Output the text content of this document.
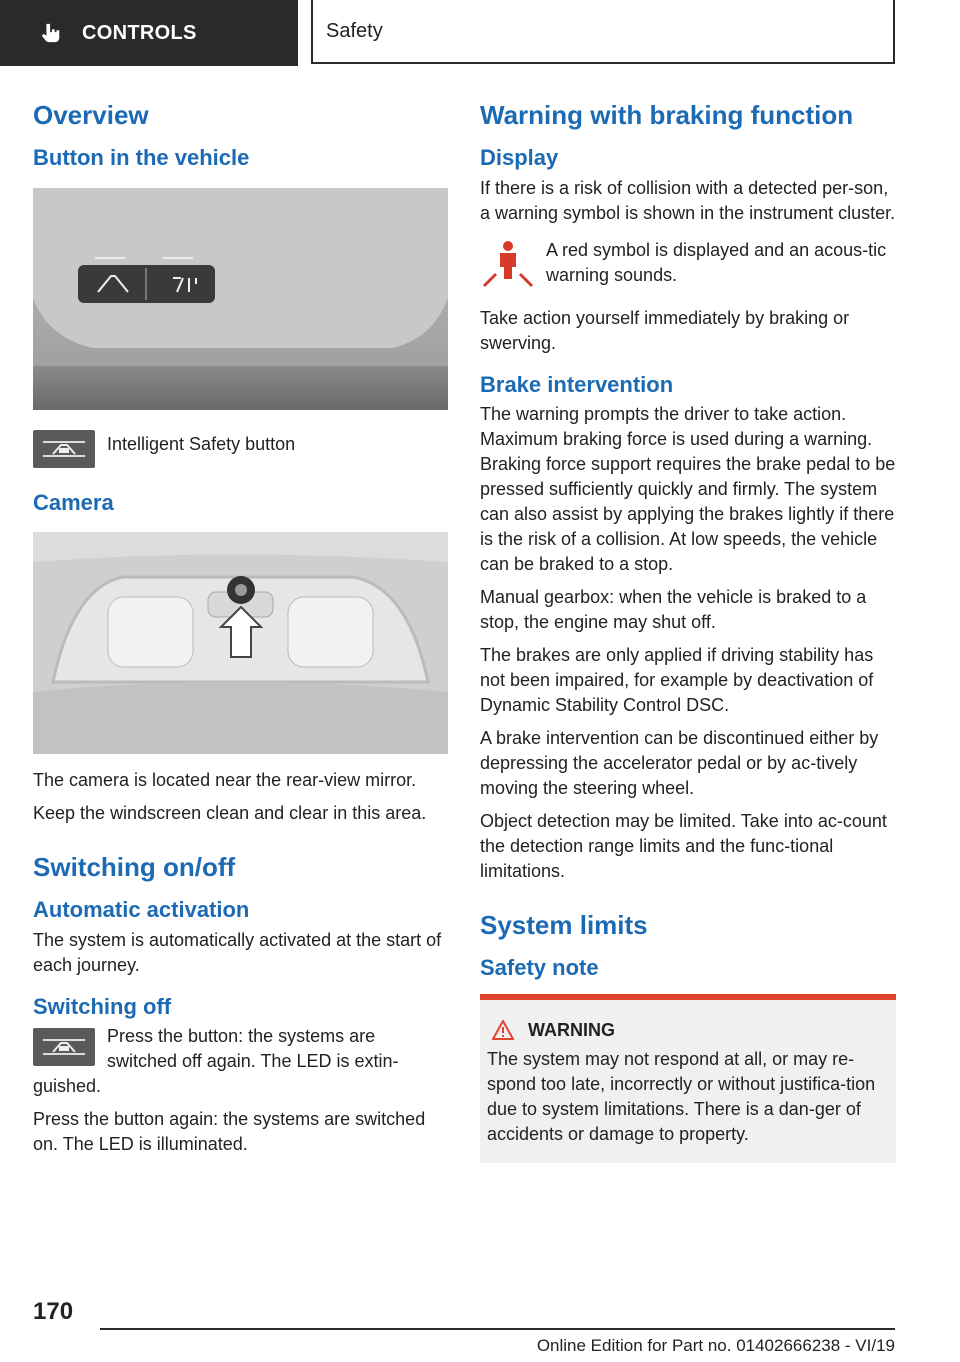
CONTROLS	Safety
Overview
Button in the vehicle

Intelligent Safety button

Camera

The camera is located near the rear-view mirror.

Keep the windscreen clean and clear in this area.

Switching on/off
Automatic activation

The system is automatically activated at the start of each journey.

Switching off

Press the button: the systems are switched off again. The LED is extin-guished.

Press the button again: the systems are switched on. The LED is illuminated.

Warning with braking function
Display

If there is a risk of collision with a detected per-son, a warning symbol is shown in the instrument cluster.

A red symbol is displayed and an acous-tic warning sounds.

Take action yourself immediately by braking or swerving.

Brake intervention

The warning prompts the driver to take action. Maximum braking force is used during a warning. Braking force support requires the brake pedal to be pressed sufficiently quickly and firmly. The system can also assist by applying the brakes lightly if there is the risk of a collision. At low speeds, the vehicle can be braked to a stop.

Manual gearbox: when the vehicle is braked to a stop, the engine may shut off.

The brakes are only applied if driving stability has not been impaired, for example by deactivation of Dynamic Stability Control DSC.

A brake intervention can be discontinued either by depressing the accelerator pedal or by ac-tively moving the steering wheel.

Object detection may be limited. Take into ac-count the detection range limits and the func-tional limitations.

System limits
Safety note
WARNING

The system may not respond at all, or may re-spond too late, incorrectly or without justifica-tion due to system limitations. There is a dan-ger of accidents or damage to property.

170
Online Edition for Part no. 01402666238 - VI/19
